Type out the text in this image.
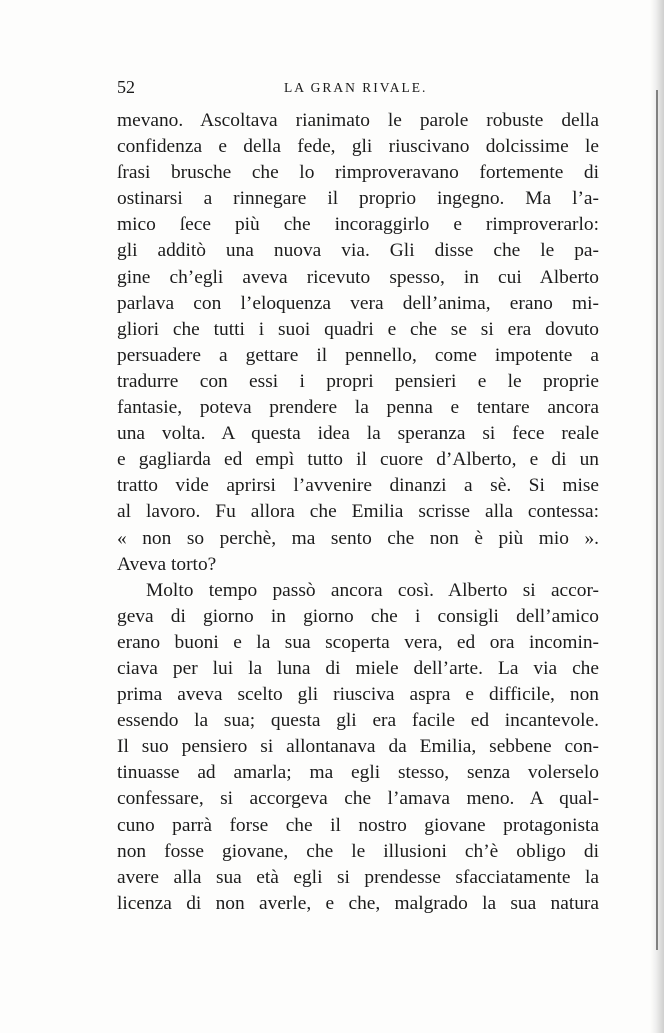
52	LA GRAN RIVALE.
mevano. Ascoltava rianimato le parole robuste della
confidenza e della fede, gli riuscivano dolcissime le
ſrasi brusche che lo rimproveravano fortemente di
ostinarsi a rinnegare il proprio ingegno. Ma l’a-
mico ſece più che incoraggirlo e rimproverarlo:
gli additò una nuova via. Gli disse che le pa-
gine ch’egli aveva ricevuto spesso, in cui Alberto
parlava con l’eloquenza vera dell’anima, erano mi-
gliori che tutti i suoi quadri e che se si era dovuto
persuadere a gettare il pennello, come impotente a
tradurre con essi i propri pensieri e le proprie
fantasie, poteva prendere la penna e tentare ancora
una volta. A questa idea la speranza si fece reale
e gagliarda ed empì tutto il cuore d’Alberto, e di un
tratto vide aprirsi l’avvenire dinanzi a sè. Si mise
al lavoro. Fu allora che Emilia scrisse alla contessa:
« non so perchè, ma sento che non è più mio ».
Aveva torto?
Molto tempo passò ancora così. Alberto si accor-
geva di giorno in giorno che i consigli dell’amico
erano buoni e la sua scoperta vera, ed ora incomin-
ciava per lui la luna di miele dell’arte. La via che
prima aveva scelto gli riusciva aspra e difficile, non
essendo la sua; questa gli era facile ed incantevole.
Il suo pensiero si allontanava da Emilia, sebbene con-
tinuasse ad amarla; ma egli stesso, senza volerselo
confessare, si accorgeva che l’amava meno. A qual-
cuno parrà forse che il nostro giovane protagonista
non fosse giovane, che le illusioni ch’è obligo di
avere alla sua età egli si prendesse sfacciatamente la
licenza di non averle, e che, malgrado la sua natura
